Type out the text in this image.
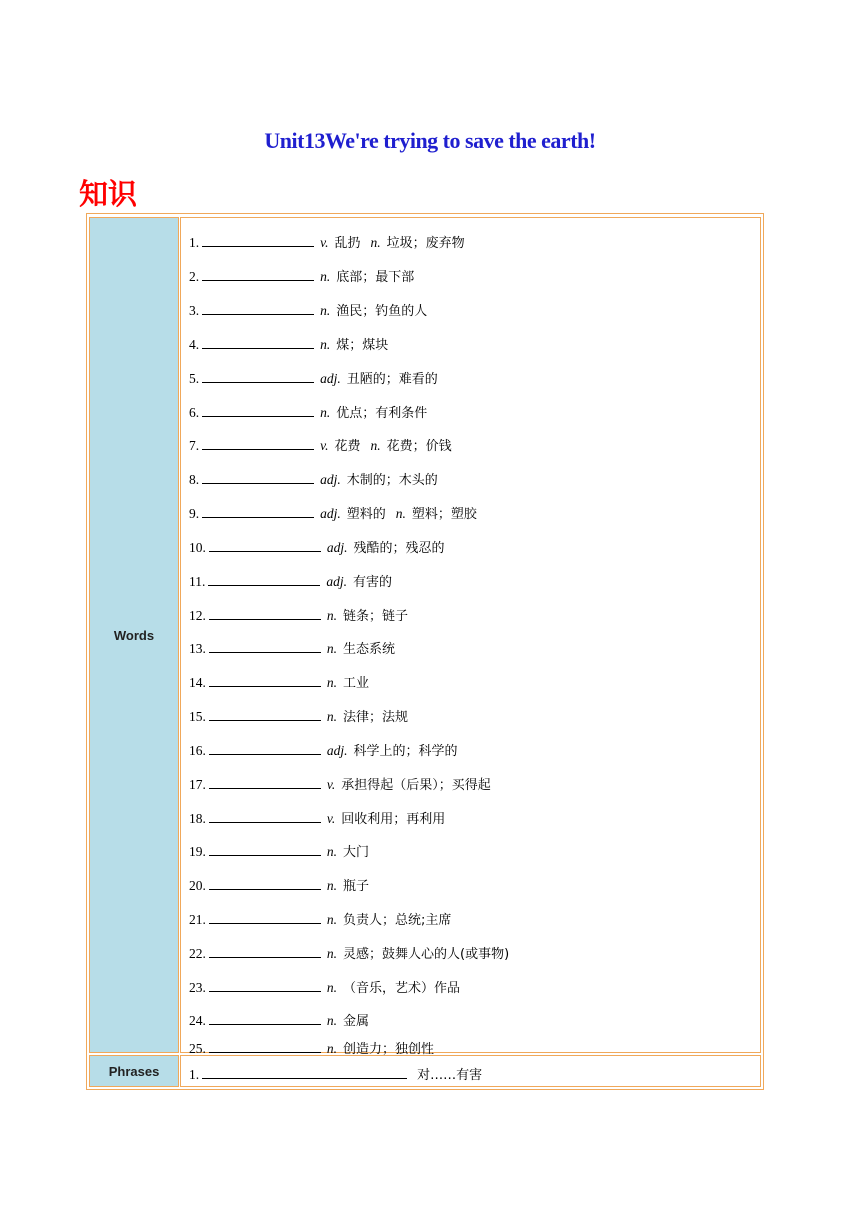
Unit13We're trying to save the earth!
知识
Words
1.	v. 乱扔 n. 垃圾；废弃物
2.	n. 底部；最下部
3.	n. 渔民；钓鱼的人
4.	n. 煤；煤块
5.	adj. 丑陋的；难看的
6.	n. 优点；有利条件
7.	v. 花费 n. 花费；价钱
8.	adj. 木制的；木头的
9.	adj. 塑料的 n. 塑料；塑胶
10.	adj. 残酷的；残忍的
11.	adj. 有害的
12.	n. 链条；链子
13.	n. 生态系统
14.	n. 工业
15.	n. 法律；法规
16.	adj. 科学上的；科学的
17.	v. 承担得起（后果）；买得起
18.	v. 回收利用；再利用
19.	n. 大门
20.	n. 瓶子
21.	n. 负责人；总统;主席
22.	n. 灵感；鼓舞人心的人(或事物)
23.	n. （音乐，艺术）作品
24.	n. 金属
25.	n. 创造力；独创性
Phrases 1.	对……有害
